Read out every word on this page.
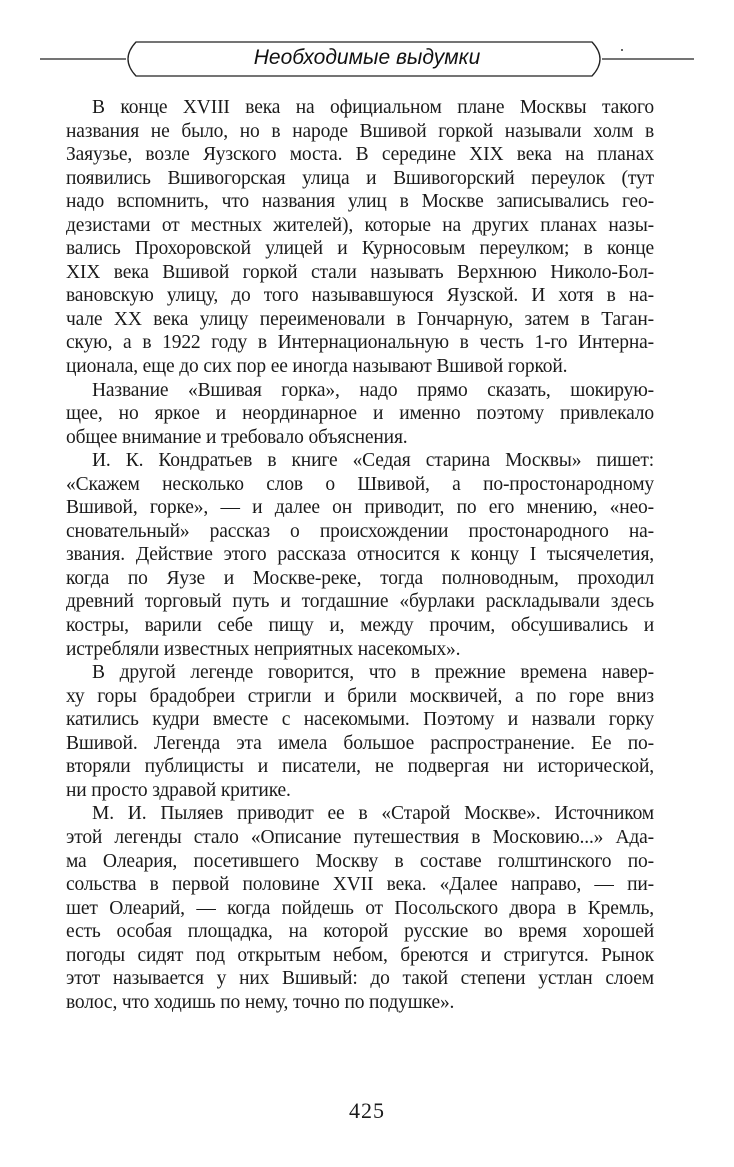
Необходимые выдумки
В конце XVIII века на официальном плане Москвы такого
названия не было, но в народе Вшивой горкой называли холм в
Заяузье, возле Яузского моста. В середине XIX века на планах
появились Вшивогорская улица и Вшивогорский переулок (тут
надо вспомнить, что названия улиц в Москве записывались гео-
дезистами от местных жителей), которые на других планах назы-
вались Прохоровской улицей и Курносовым переулком; в конце
XIX века Вшивой горкой стали называть Верхнюю Николо-Бол-
вановскую улицу, до того называвшуюся Яузской. И хотя в на-
чале XX века улицу переименовали в Гончарную, затем в Таган-
скую, а в 1922 году в Интернациональную в честь 1-го Интерна-
ционала, еще до сих пор ее иногда называют Вшивой горкой.
Название «Вшивая горка», надо прямо сказать, шокирую-
щее, но яркое и неординарное и именно поэтому привлекало
общее внимание и требовало объяснения.
И. К. Кондратьев в книге «Седая старина Москвы» пишет:
«Скажем несколько слов о Швивой, а по-простонародному
Вшивой, горке», — и далее он приводит, по его мнению, «нео-
сновательный» рассказ о происхождении простонародного на-
звания. Действие этого рассказа относится к концу I тысячелетия,
когда по Яузе и Москве-реке, тогда полноводным, проходил
древний торговый путь и тогдашние «бурлаки раскладывали здесь
костры, варили себе пищу и, между прочим, обсушивались и
истребляли известных неприятных насекомых».
В другой легенде говорится, что в прежние времена навер-
ху горы брадобреи стригли и брили москвичей, а по горе вниз
катились кудри вместе с насекомыми. Поэтому и назвали горку
Вшивой. Легенда эта имела большое распространение. Ее по-
вторяли публицисты и писатели, не подвергая ни исторической,
ни просто здравой критике.
М. И. Пыляев приводит ее в «Старой Москве». Источником
этой легенды стало «Описание путешествия в Московию...» Ада-
ма Олеария, посетившего Москву в составе голштинского по-
сольства в первой половине XVII века. «Далее направо, — пи-
шет Олеарий, — когда пойдешь от Посольского двора в Кремль,
есть особая площадка, на которой русские во время хорошей
погоды сидят под открытым небом, бреются и стригутся. Рынок
этот называется у них Вшивый: до такой степени устлан слоем
волос, что ходишь по нему, точно по подушке».
425
